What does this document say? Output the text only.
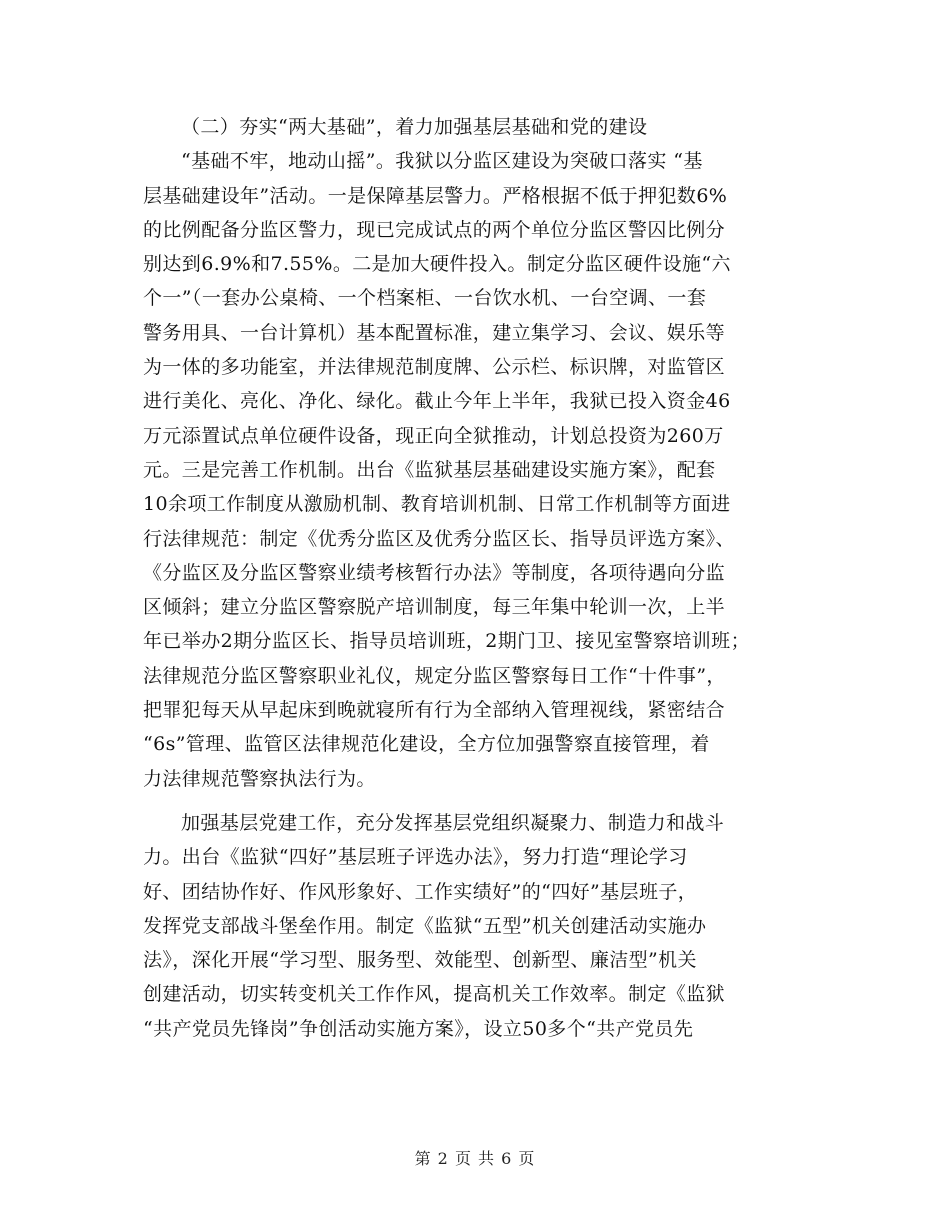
（二）夯实“两大基础”，着力加强基层基础和党的建设
“基础不牢，地动山摇”。我狱以分监区建设为突破口落实 “基
层基础建设年”活动。一是保障基层警力。严格根据不低于押犯数6%
的比例配备分监区警力，现已完成试点的两个单位分监区警囚比例分
别达到6.9%和7.55%。二是加大硬件投入。制定分监区硬件设施“六
个一”（一套办公桌椅、一个档案柜、一台饮水机、一台空调、一套
警务用具、一台计算机）基本配置标准，建立集学习、会议、娱乐等
为一体的多功能室，并法律规范制度牌、公示栏、标识牌，对监管区
进行美化、亮化、净化、绿化。截止今年上半年，我狱已投入资金46
万元添置试点单位硬件设备，现正向全狱推动，计划总投资为260万
元。三是完善工作机制。出台《监狱基层基础建设实施方案》，配套
10余项工作制度从激励机制、教育培训机制、日常工作机制等方面进
行法律规范：制定《优秀分监区及优秀分监区长、指导员评选方案》、
《分监区及分监区警察业绩考核暂行办法》等制度，各项待遇向分监
区倾斜；建立分监区警察脱产培训制度，每三年集中轮训一次，上半
年已举办2期分监区长、指导员培训班，2期门卫、接见室警察培训班；
法律规范分监区警察职业礼仪，规定分监区警察每日工作“十件事”，
把罪犯每天从早起床到晚就寝所有行为全部纳入管理视线，紧密结合
“6s”管理、监管区法律规范化建设，全方位加强警察直接管理，着
力法律规范警察执法行为。
加强基层党建工作，充分发挥基层党组织凝聚力、制造力和战斗
力。出台《监狱“四好”基层班子评选办法》，努力打造“理论学习
好、团结协作好、作风形象好、工作实绩好”的“四好”基层班子，
发挥党支部战斗堡垒作用。制定《监狱“五型”机关创建活动实施办
法》，深化开展“学习型、服务型、效能型、创新型、廉洁型”机关
创建活动，切实转变机关工作作风，提高机关工作效率。制定《监狱
“共产党员先锋岗”争创活动实施方案》，设立50多个“共产党员先
第 2 页 共 6 页
